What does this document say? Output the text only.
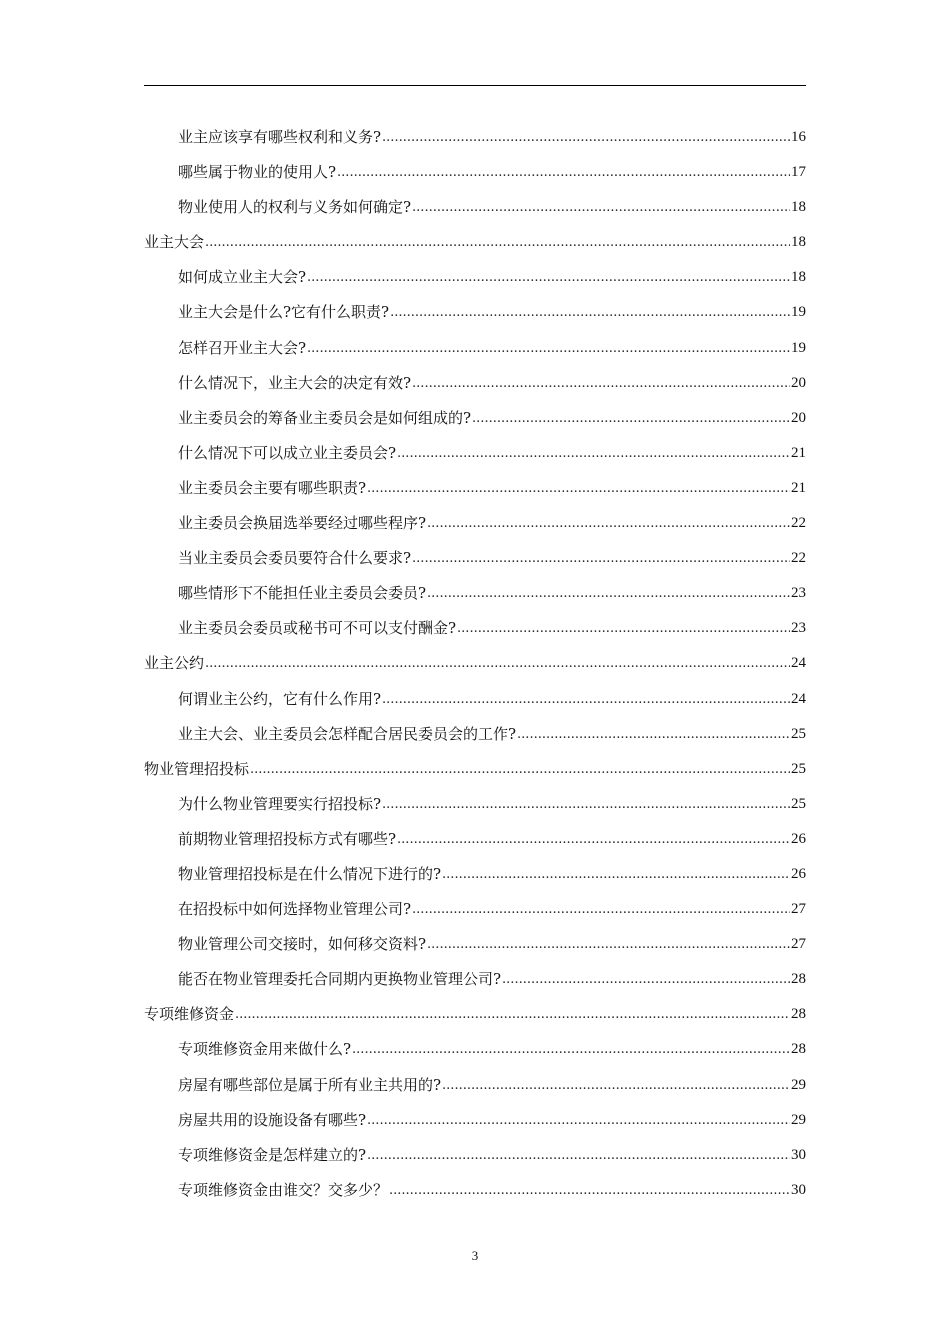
业主应该享有哪些权利和义务? .....	16
哪些属于物业的使用人? .....	17
物业使用人的权利与义务如何确定? .....	18
业主大会 .....	18
如何成立业主大会? .....	18
业主大会是什么?它有什么职责? .....	19
怎样召开业主大会? .....	19
什么情况下，业主大会的决定有效? .....	20
业主委员会的筹备业主委员会是如何组成的? .....	20
什么情况下可以成立业主委员会? .....	21
业主委员会主要有哪些职责? .....	21
业主委员会换届选举要经过哪些程序? .....	22
当业主委员会委员要符合什么要求? .....	22
哪些情形下不能担任业主委员会委员? .....	23
业主委员会委员或秘书可不可以支付酬金? .....	23
业主公约 .....	24
何谓业主公约，它有什么作用? .....	24
业主大会、业主委员会怎样配合居民委员会的工作? .....	25
物业管理招投标 .....	25
为什么物业管理要实行招投标? .....	25
前期物业管理招投标方式有哪些? .....	26
物业管理招投标是在什么情况下进行的? .....	26
在招投标中如何选择物业管理公司? .....	27
物业管理公司交接时，如何移交资料? .....	27
能否在物业管理委托合同期内更换物业管理公司? .....	28
专项维修资金 .....	28
专项维修资金用来做什么? .....	28
房屋有哪些部位是属于所有业主共用的? .....	29
房屋共用的设施设备有哪些? .....	29
专项维修资金是怎样建立的? .....	30
专项维修资金由谁交？交多少？ .....	30
3
